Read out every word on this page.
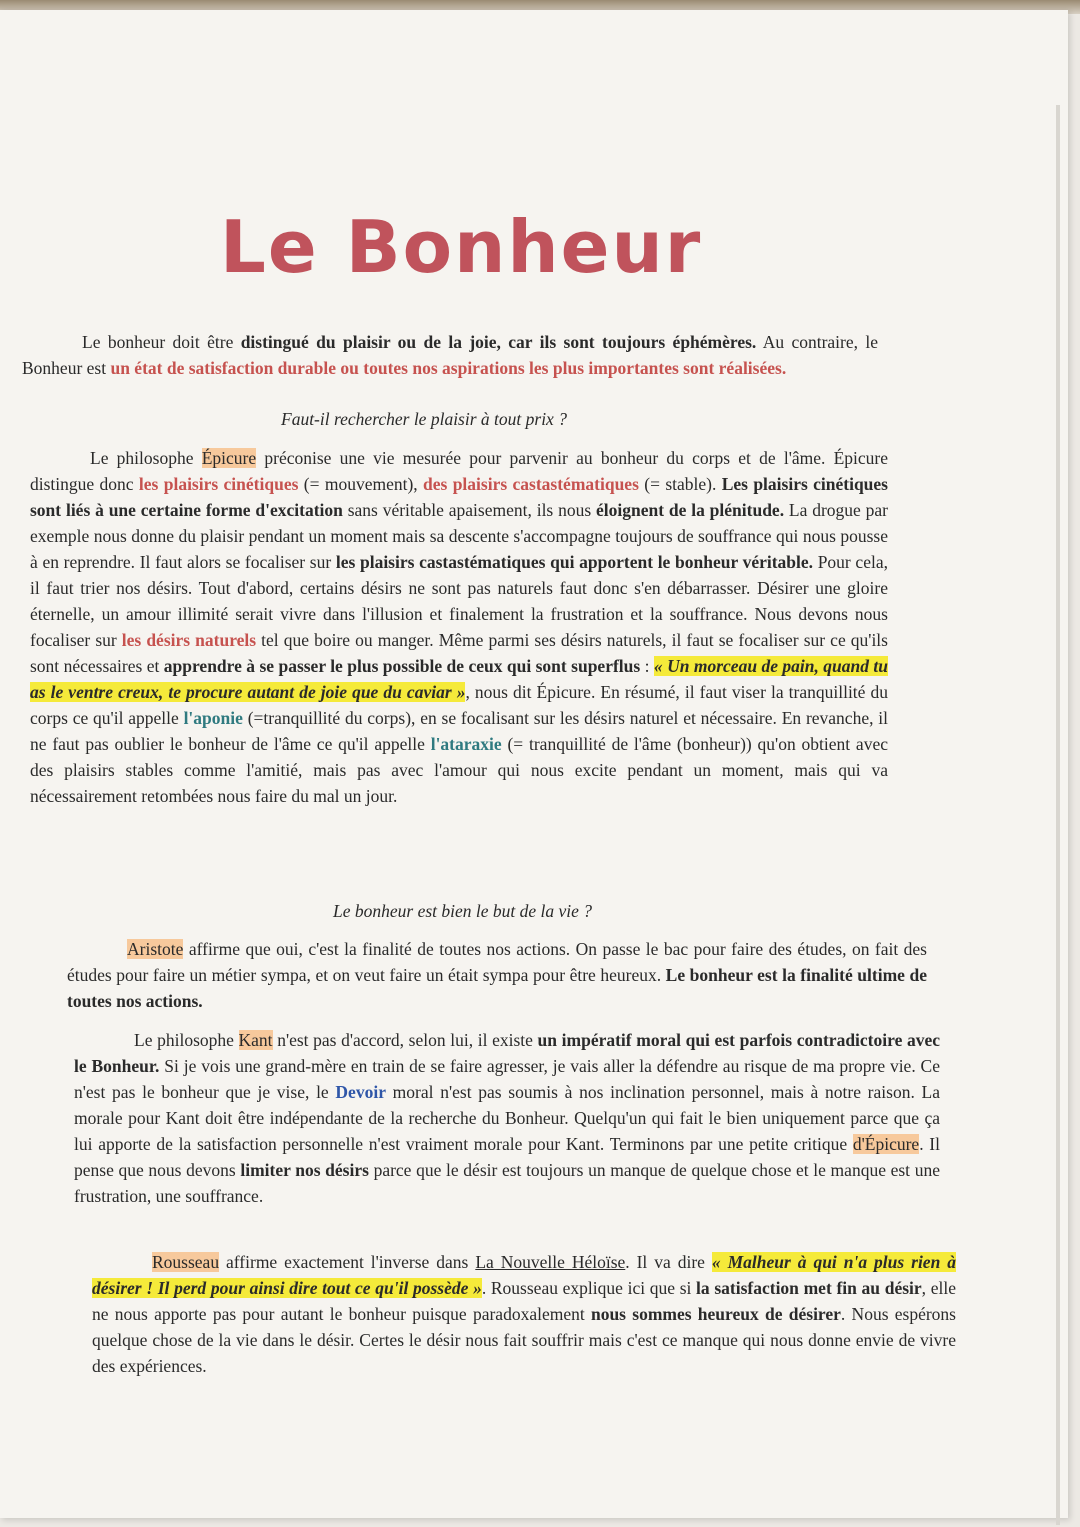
Le Bonheur
Le bonheur doit être distingué du plaisir ou de la joie, car ils sont toujours éphémères. Au contraire, le Bonheur est un état de satisfaction durable ou toutes nos aspirations les plus importantes sont réalisées.
Faut-il rechercher le plaisir à tout prix ?
Le philosophe Épicure préconise une vie mesurée pour parvenir au bonheur du corps et de l'âme. Épicure distingue donc les plaisirs cinétiques (= mouvement), des plaisirs castastématiques (= stable). Les plaisirs cinétiques sont liés à une certaine forme d'excitation sans véritable apaisement, ils nous éloignent de la plénitude. La drogue par exemple nous donne du plaisir pendant un moment mais sa descente s'accompagne toujours de souffrance qui nous pousse à en reprendre. Il faut alors se focaliser sur les plaisirs castastématiques qui apportent le bonheur véritable. Pour cela, il faut trier nos désirs. Tout d'abord, certains désirs ne sont pas naturels faut donc s'en débarrasser. Désirer une gloire éternelle, un amour illimité serait vivre dans l'illusion et finalement la frustration et la souffrance. Nous devons nous focaliser sur les désirs naturels tel que boire ou manger. Même parmi ses désirs naturels, il faut se focaliser sur ce qu'ils sont nécessaires et apprendre à se passer le plus possible de ceux qui sont superflus : « Un morceau de pain, quand tu as le ventre creux, te procure autant de joie que du caviar », nous dit Épicure. En résumé, il faut viser la tranquillité du corps ce qu'il appelle l'aponie (=tranquillité du corps), en se focalisant sur les désirs naturel et nécessaire. En revanche, il ne faut pas oublier le bonheur de l'âme ce qu'il appelle l'ataraxie (= tranquillité de l'âme (bonheur)) qu'on obtient avec des plaisirs stables comme l'amitié, mais pas avec l'amour qui nous excite pendant un moment, mais qui va nécessairement retombées nous faire du mal un jour.
Le bonheur est bien le but de la vie ?
Aristote affirme que oui, c'est la finalité de toutes nos actions. On passe le bac pour faire des études, on fait des études pour faire un métier sympa, et on veut faire un était sympa pour être heureux. Le bonheur est la finalité ultime de toutes nos actions.
Le philosophe Kant n'est pas d'accord, selon lui, il existe un impératif moral qui est parfois contradictoire avec le Bonheur. Si je vois une grand-mère en train de se faire agresser, je vais aller la défendre au risque de ma propre vie. Ce n'est pas le bonheur que je vise, le Devoir moral n'est pas soumis à nos inclination personnel, mais à notre raison. La morale pour Kant doit être indépendante de la recherche du Bonheur. Quelqu'un qui fait le bien uniquement parce que ça lui apporte de la satisfaction personnelle n'est vraiment morale pour Kant. Terminons par une petite critique d'Épicure. Il pense que nous devons limiter nos désirs parce que le désir est toujours un manque de quelque chose et le manque est une frustration, une souffrance.
Rousseau affirme exactement l'inverse dans La Nouvelle Héloïse. Il va dire « Malheur à qui n'a plus rien à désirer ! Il perd pour ainsi dire tout ce qu'il possède ». Rousseau explique ici que si la satisfaction met fin au désir, elle ne nous apporte pas pour autant le bonheur puisque paradoxalement nous sommes heureux de désirer. Nous espérons quelque chose de la vie dans le désir. Certes le désir nous fait souffrir mais c'est ce manque qui nous donne envie de vivre des expériences.
